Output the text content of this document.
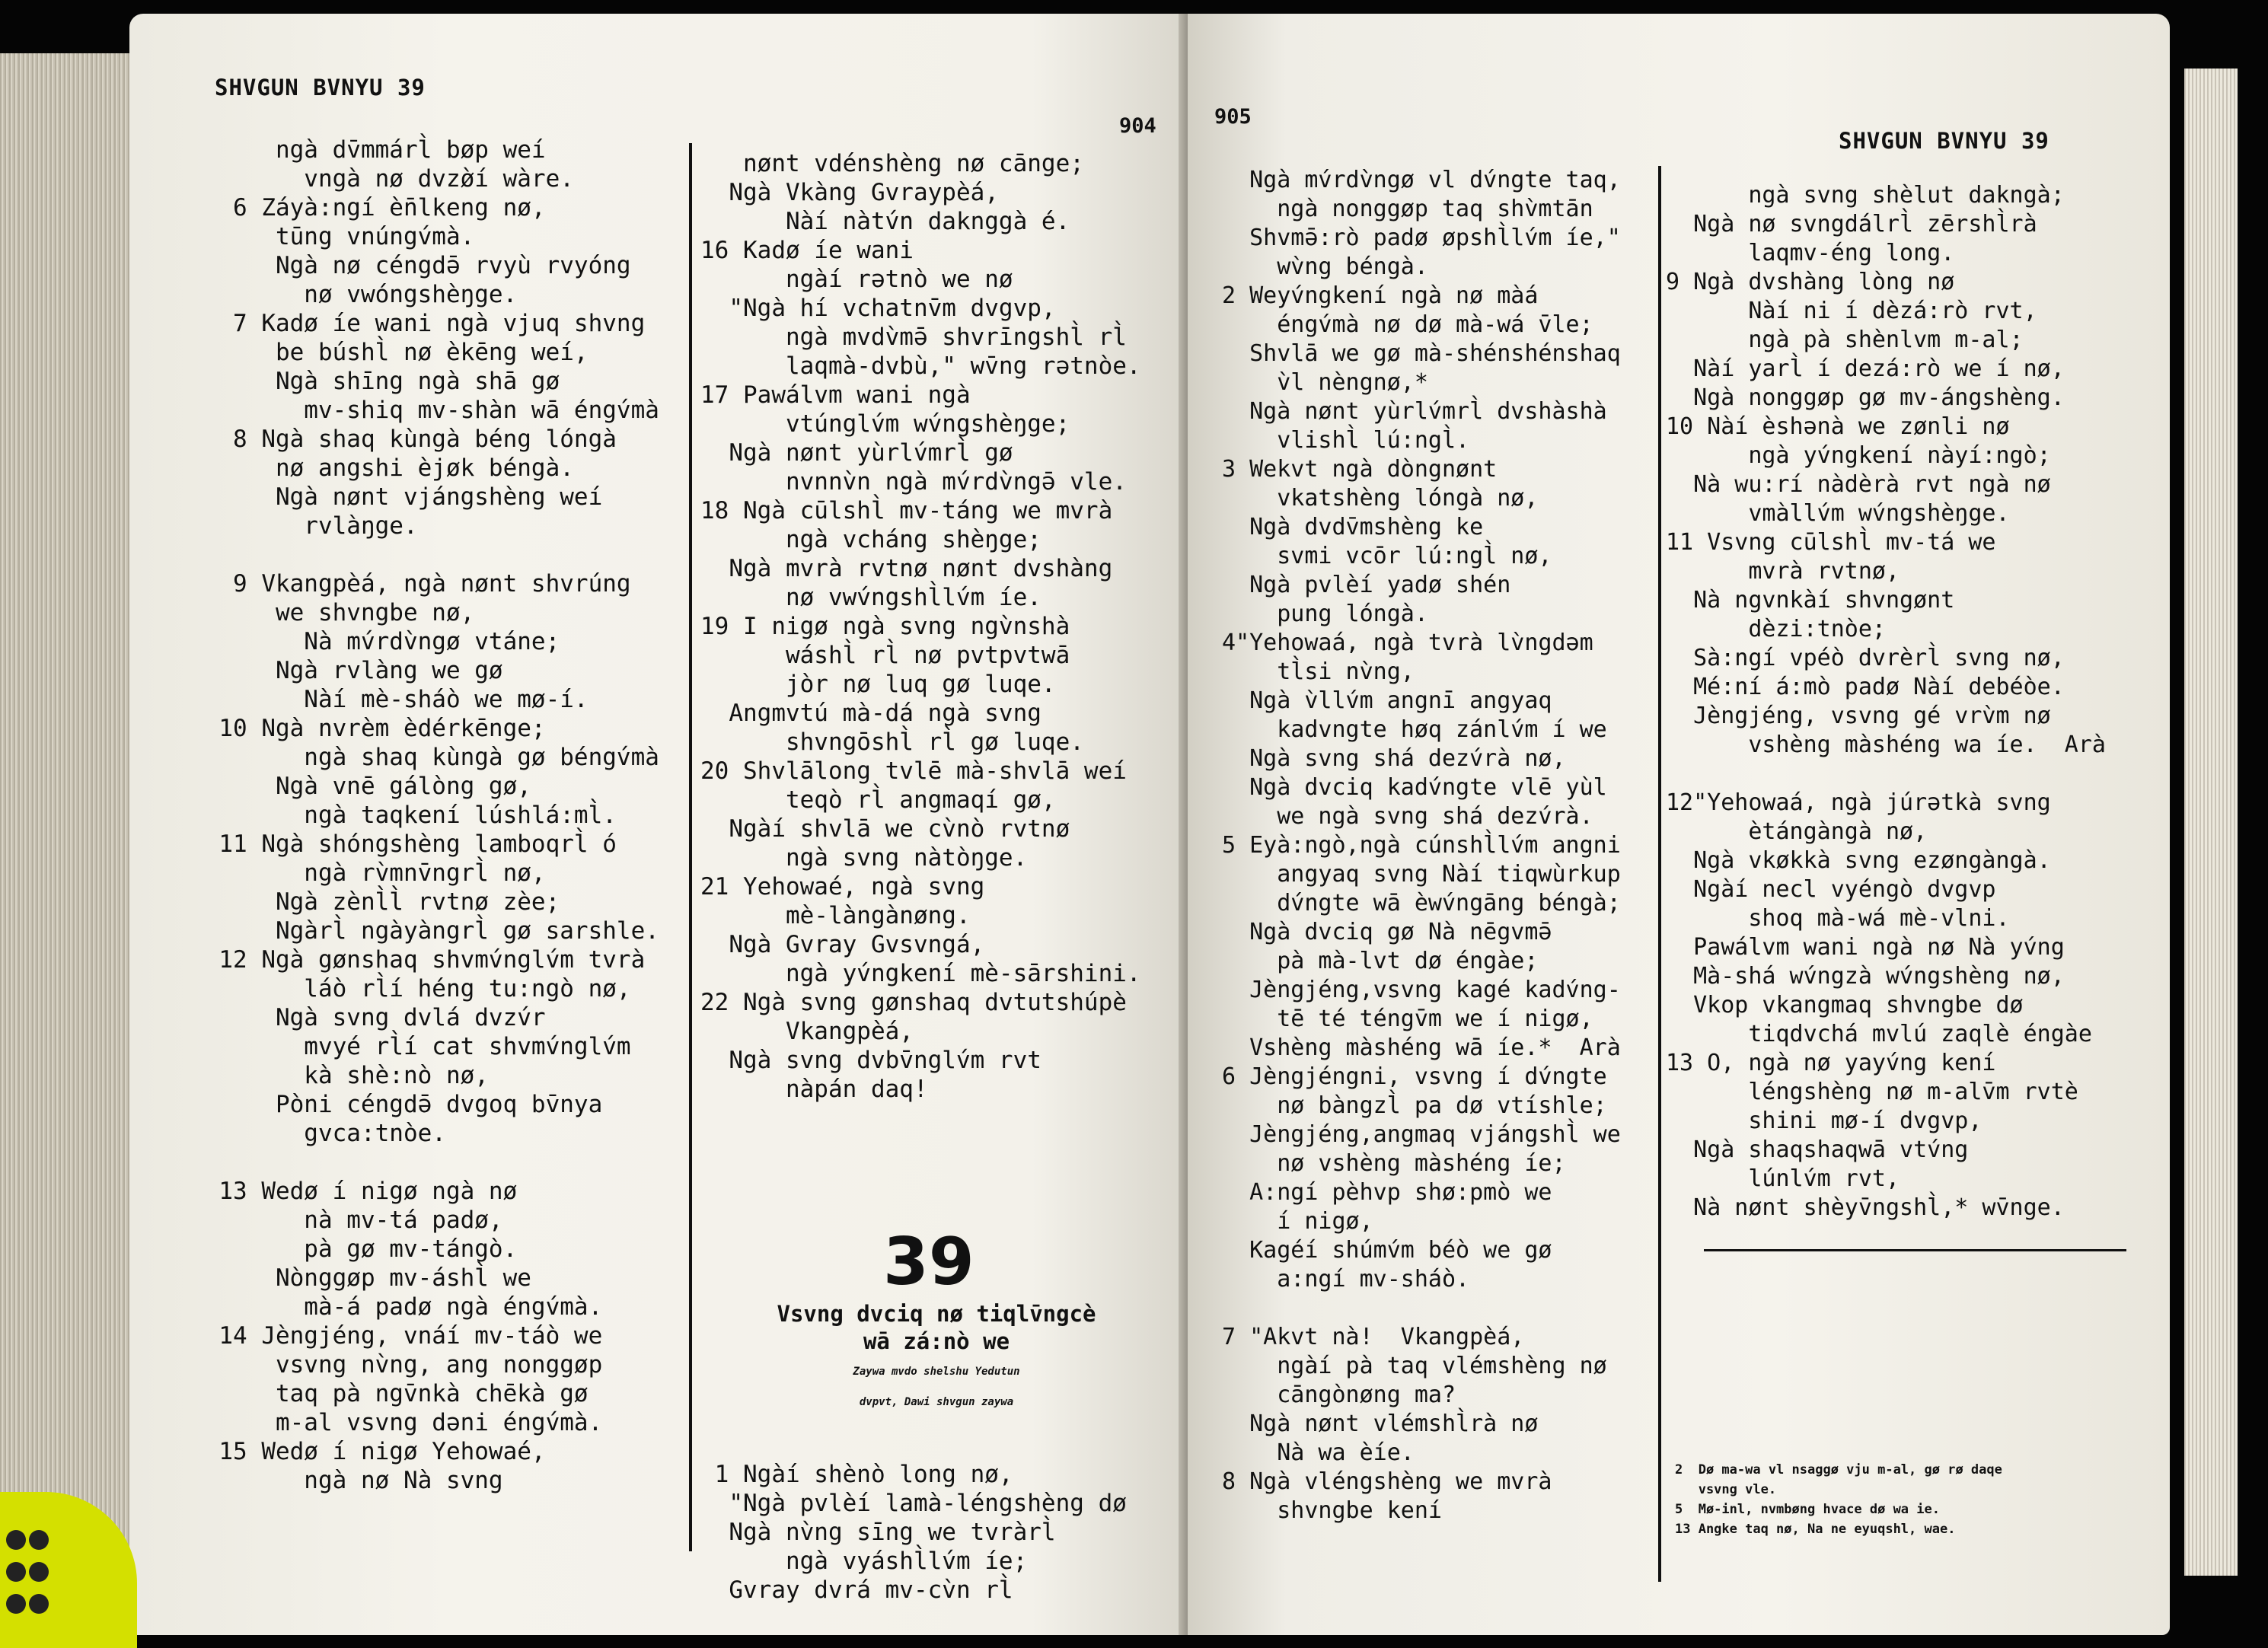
SHVGUN BVNYU 39
904
ngà dv̄mmárl̀ bøp weí
vngà nø dvzø̀í wàre.
6 Záyà:ngí èn̄lkeng nø,
tūng vnúngv́mà.
Ngà nø céngdə̄ rvyù rvyóng
nø vwóngshèŋge.
7 Kadø íe wani ngà vjuq shvng
be búshl̀ nø èkēng weí,
Ngà shīng ngà shā gø
mv-shiq mv-shàn wā éngv́mà
8 Ngà shaq kùngà béng lóngà
nø angshi èjøk béngà.
Ngà nønt vjángshèng weí
rvlàŋge.

9 Vkangpèá, ngà nønt shvrúng
we shvngbe nø,
Nà mv́rdv̀ngø vtáne;
Ngà rvlàng we gø
Nàí mè-sháò we mø-í.
10 Ngà nvrèm èdérkēnge;
ngà shaq kùngà gø béngv́mà
Ngà vnē gálòng gø,
ngà taqkení lúshlá:ml̀.
11 Ngà shóngshèng lamboqrl̀ ó
ngà rv̀mnv̄ngrl̀ nø,
Ngà zènl̀l̀ rvtnø zèe;
Ngàrl̀ ngàyàngrl̀ gø sarshle.
12 Ngà gønshaq shvmv́nglv́m tvrà
láò rl̀í héng tu:ngò nø,
Ngà svng dvlá dvzv́r
mvyé rl̀í cat shvmv́nglv́m
kà shè:nò nø,
Pòni céngdə̄ dvgoq bv̄nya
gvca:tnòe.

13 Wedø í nigø ngà nø
nà mv-tá padø,
pà gø mv-tángò.
Nònggøp mv-áshl̀ we
mà-á padø ngà éngv́mà.
14 Jèngjéng, vnáí mv-táò we
vsvng nv̀ng, ang nonggøp
taq pà ngv̄nkà chēkà gø
m-al vsvng dəni éngv́mà.
15 Wedø í nigø Yehowaé,
ngà nø Nà svng
nønt vdénshèng nø cānge;
Ngà Vkàng Gvraypèá,
Nàí nàtv́n daknggà é.
16 Kadø íe wani
ngàí rətnò we nø
"Ngà hí vchatnv̄m dvgvp,
ngà mvdv̀mə̄ shvrīngshl̀ rl̀
laqmà-dvbù," wv̄ng rətnòe.
17 Pawálvm wani ngà
vtúnglv́m wv́ngshèŋge;
Ngà nønt yùrlv́mrl̀ gø
nvnnv̀n ngà mv́rdv̀ngə̄ vle.
18 Ngà cūlshl̀ mv-táng we mvrà
ngà vcháng shèŋge;
Ngà mvrà rvtnø nønt dvshàng
nø vwv́ngshl̀lv́m íe.
19 I nigø ngà svng ngv̀nshà
wáshl̀ rl̀ nø pvtpvtwā
jòr nø luq gø luqe.
Angmvtú mà-dá ngà svng
shvngōshl̀ rl̀ gø luqe.
20 Shvlālong tvlē mà-shvlā weí
teqò rl̀ angmaqí gø,
Ngàí shvlā we cv̀nò rvtnø
ngà svng nàtòŋge.
21 Yehowaé, ngà svng
mè-làngànøng.
Ngà Gvray Gvsvngá,
ngà yv́ngkení mè-sārshini.
22 Ngà svng gønshaq dvtutshúpè
Vkangpèá,
Ngà svng dvbv̄nglv́m rvt
nàpán daq!
39
Vsvng dvciq nø tiqlv̄ngcè
wā zá:nò we
Zaywa mvdo shelshu Yedutun
dvpvt, Dawi shvgun zaywa
1 Ngàí shènò long nø,
"Ngà pvlèí lamà-léngshèng dø
Ngà nv̀ng sīng we tvràrl̀
ngà vyáshl̀lv́m íe;
Gvray dvrá mv-cv̀n rl̀
905
SHVGUN BVNYU 39
Ngà mv́rdv̀ngø vl dv́ngte taq,
ngà nonggøp taq shv̀mtān
Shvmə̄:rò padø øpshl̀lv́m íe,"
wv̀ng béngà.
2 Weyv́ngkení ngà nø màá
éngv́mà nø dø mà-wá v̄le;
Shvlā we gø mà-shénshénshaq
v̀l nèngnø,*
Ngà nønt yùrlv́mrl̀ dvshàshà
vlishl̀ lú:ngl̀.
3 Wekvt ngà dòngnønt
vkatshèng lóngà nø,
Ngà dvdv̄mshèng ke
svmi vcōr lú:ngl̀ nø,
Ngà pvlèí yadø shén
pung lóngà.
4"Yehowaá, ngà tvrà lv̀ngdəm
tl̀si nv̀ng,
Ngà v̀llv́m angnī angyaq
kadvngte høq zánlv́m í we
Ngà svng shá dezv́rà nø,
Ngà dvciq kadv́ngte vlē yùl
we ngà svng shá dezv́rà.
5 Eyà:ngò,ngà cúnshl̀lv́m angni
angyaq svng Nàí tiqwùrkup
dv́ngte wā èwv́ngāng béngà;
Ngà dvciq gø Nà nēgvmə̄
pà mà-lvt dø éngàe;
Jèngjéng,vsvng kagé kadv́ng-
tē té téngv̄m we í nigø,
Vshèng màshéng wā íe.*  Arà
6 Jèngjéngni, vsvng í dv́ngte
nø bàngzl̀ pa dø vtíshle;
Jèngjéng,angmaq vjángshl̀ we
nø vshèng màshéng íe;
A:ngí pèhvp shø:pmò we
í nigø,
Kagéí shúmv́m béò we gø
a:ngí mv-sháò.

7 "Akvt nà!  Vkangpèá,
ngàí pà taq vlémshèng nø
cāngònøng ma?
Ngà nønt vlémshl̀rà nø
Nà wa èíe.
8 Ngà vléngshèng we mvrà
shvngbe kení
ngà svng shèlut dakngà;
Ngà nø svngdálrl̀ zērshl̀rà
laqmv-éng long.
9 Ngà dvshàng lòng nø
Nàí ni í dèzá:rò rvt,
ngà pà shènlvm m-al;
Nàí yarl̀ í dezá:rò we í nø,
Ngà nonggøp gø mv-ángshèng.
10 Nàí èshənà we zønli nø
ngà yv́ngkení nàyí:ngò;
Nà wu:rí nàdèrà rvt ngà nø
vmàllv́m wv́ngshèŋge.
11 Vsvng cūlshl̀ mv-tá we
mvrà rvtnø,
Nà ngvnkàí shvngønt
dèzi:tnòe;
Sà:ngí vpéò dvrèrl̀ svng nø,
Mé:ní á:mò padø Nàí debéòe.
Jèngjéng, vsvng gé vrv̀m nø
vshèng màshéng wa íe.  Arà

12"Yehowaá, ngà júrətkà svng
ètángàngà nø,
Ngà vkøkkà svng ezøngàngà.
Ngàí necl vyéngò dvgvp
shoq mà-wá mè-vlni.
Pawálvm wani ngà nø Nà yv́ng
Mà-shá wv́ngzà wv́ngshèng nø,
Vkop vkangmaq shvngbe dø
tiqdvchá mvlú zaqlè éngàe
13 O, ngà nø yayv́ng kení
léngshèng nø m-alv̄m rvtè
shini mø-í dvgvp,
Ngà shaqshaqwā vtv́ng
lúnlv́m rvt,
Nà nønt shèyv̄ngshl̀,* wv̄nge.
2  Dø ma-wa vl nsaggø vju m-al, gø rø daqe
vsvng vle.
5  Mø-inl, nvmbøng hvace dø wa ie.
13 Angke taq nø, Na ne eyuqshl, wae.
